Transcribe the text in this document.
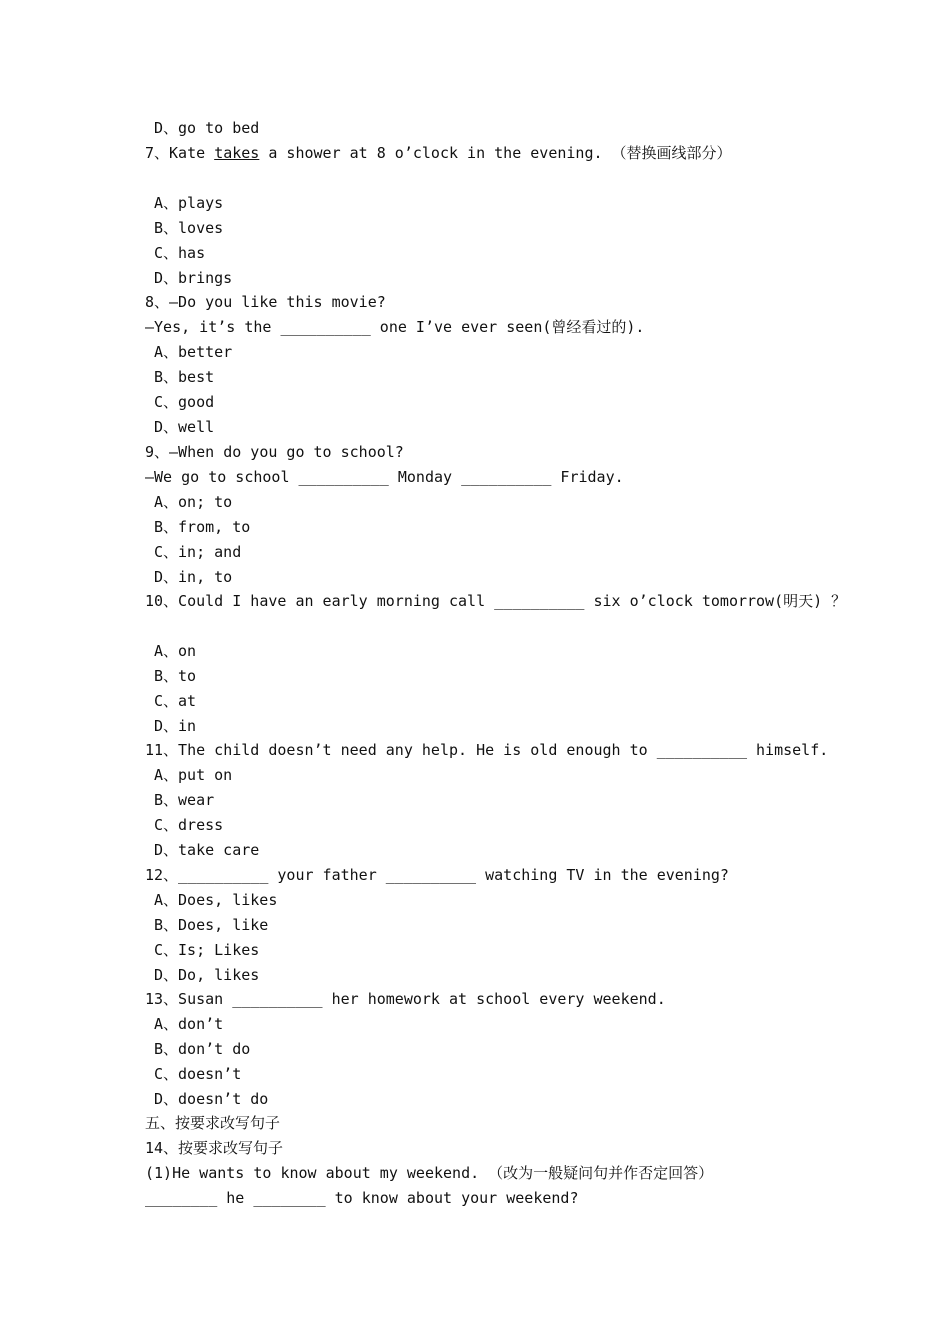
D、go to bed
7、Kate takes a shower at 8 o’clock in the evening. （替换画线部分）
A、plays
B、loves
C、has
D、brings
8、—Do you like this movie?
—Yes, it’s the __________ one I’ve ever seen(曾经看过的).
A、better
B、best
C、good
D、well
9、—When do you go to school?
—We go to school __________ Monday __________ Friday.
A、on; to
B、from, to
C、in; and
D、in, to
10、Could I have an early morning call __________ six o’clock tomorrow(明天) ？
A、on
B、to
C、at
D、in
11、The child doesn’t need any help. He is old enough to __________ himself.
A、put on
B、wear
C、dress
D、take care
12、__________ your father __________ watching TV in the evening?
A、Does, likes
B、Does, like
C、Is; Likes
D、Do, likes
13、Susan __________ her homework at school every weekend.
A、don’t
B、don’t do
C、doesn’t
D、doesn’t do
五、按要求改写句子
14、按要求改写句子
(1)He wants to know about my weekend. （改为一般疑问句并作否定回答）
________ he ________ to know about your weekend?
